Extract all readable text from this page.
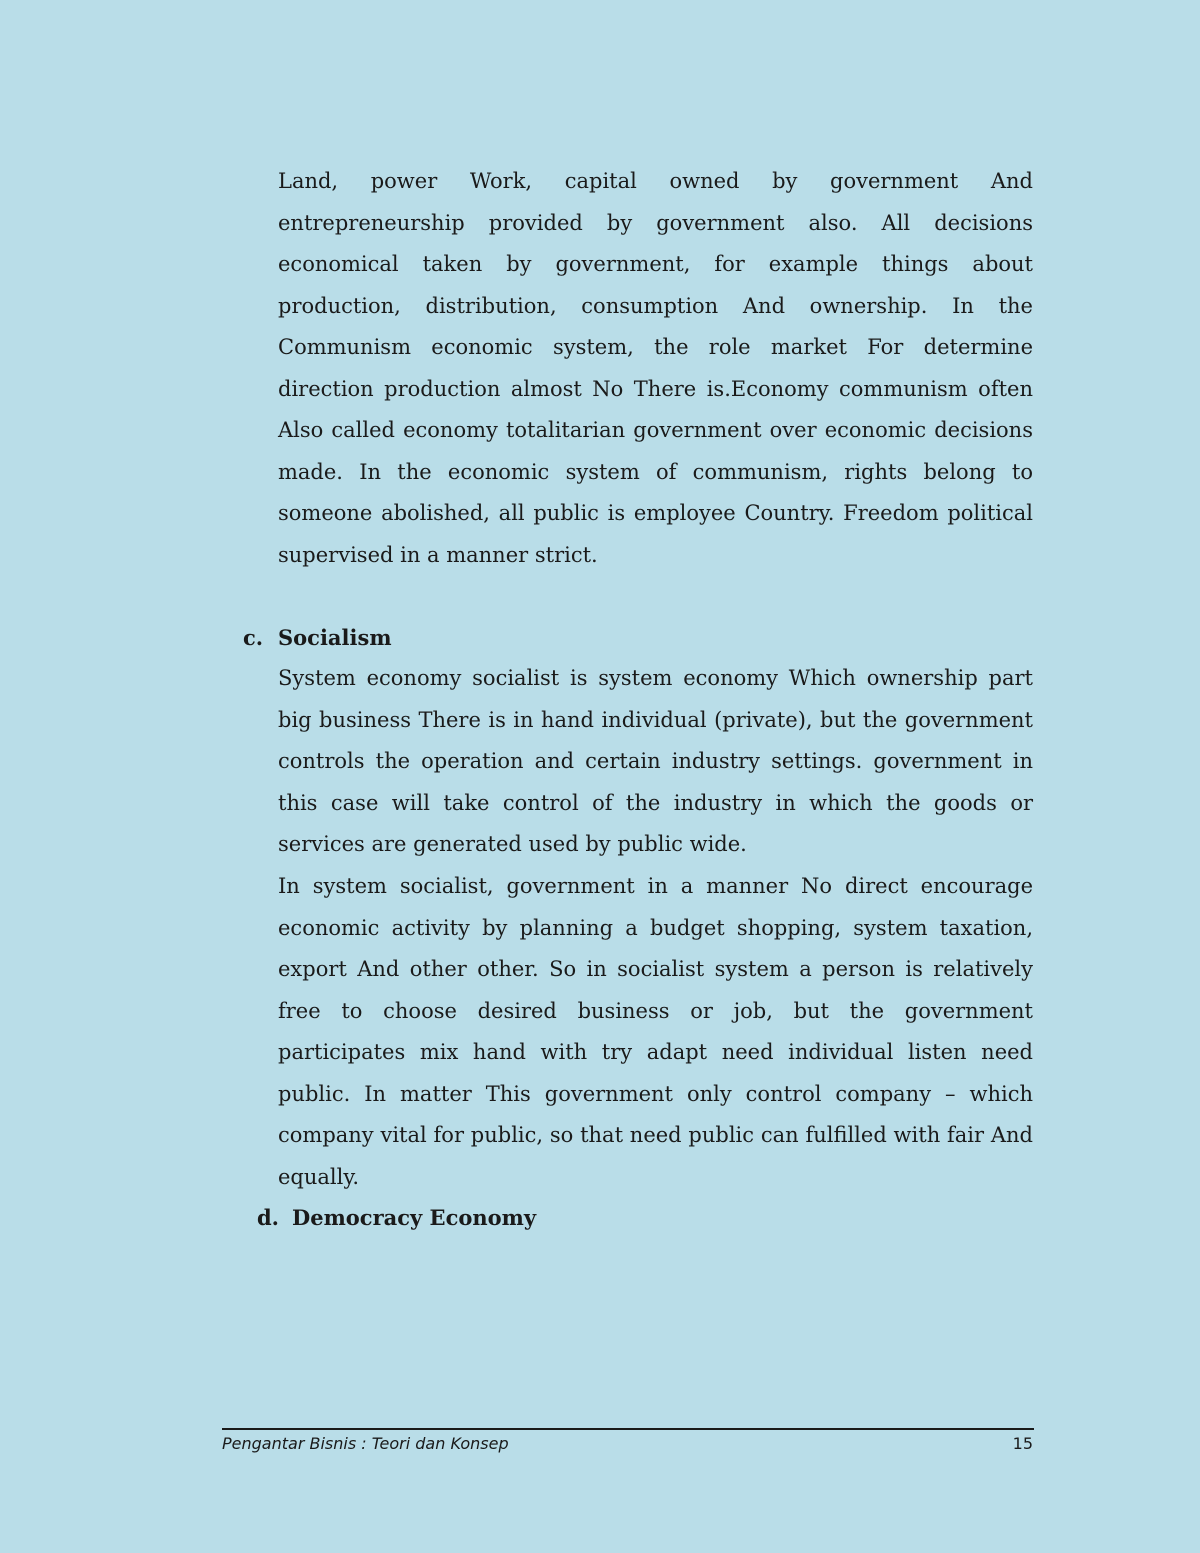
Land, power Work, capital owned by government And entrepreneurship provided by government also. All decisions economical taken by government, for example things about production, distribution, consumption And ownership. In the Communism economic system, the role market For determine direction production almost No There is.Economy communism often Also called economy totalitarian government over economic decisions made. In the economic system of communism, rights belong to someone abolished, all public is employee Country. Freedom political supervised in a manner strict.

c. Socialism

System economy socialist is system economy Which ownership part big business There is in hand individual (private), but the government controls the operation and certain industry settings. government in this case will take control of the industry in which the goods or services are generated used by public wide.

In system socialist, government in a manner No direct encourage economic activity by planning a budget shopping, system taxation, export And other other. So in socialist system a person is relatively free to choose desired business or job, but the government participates mix hand with try adapt need individual listen need public. In matter This government only control company – which company vital for public, so that need public can fulfilled with fair And equally.

d. Democracy Economy
Pengantar Bisnis : Teori dan Konsep	15
